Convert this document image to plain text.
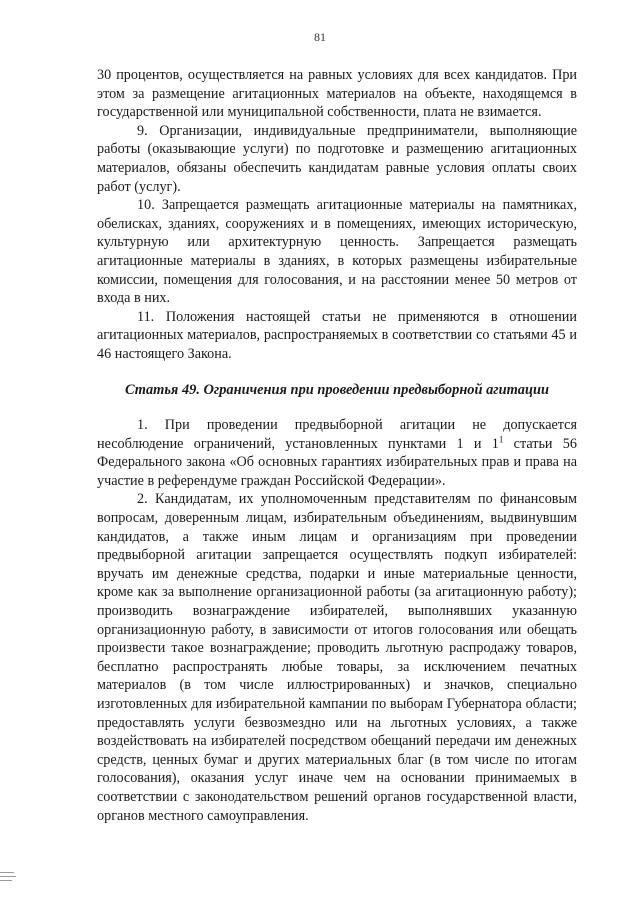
81

30 процентов, осуществляется на равных условиях для всех кандидатов. При этом за размещение агитационных материалов на объекте, находящемся в государственной или муниципальной собственности, плата не взимается.

9. Организации, индивидуальные предприниматели, выполняющие работы (оказывающие услуги) по подготовке и размещению агитационных материалов, обязаны обеспечить кандидатам равные условия оплаты своих работ (услуг).

10. Запрещается размещать агитационные материалы на памятниках, обелисках, зданиях, сооружениях и в помещениях, имеющих историческую, культурную или архитектурную ценность. Запрещается размещать агитационные материалы в зданиях, в которых размещены избирательные комиссии, помещения для голосования, и на расстоянии менее 50 метров от входа в них.

11. Положения настоящей статьи не применяются в отношении агитационных материалов, распространяемых в соответствии со статьями 45 и 46 настоящего Закона.

Статья 49. Ограничения при проведении предвыборной агитации

1. При проведении предвыборной агитации не допускается несоблюдение ограничений, установленных пунктами 1 и $1^1$ статьи 56 Федерального закона «Об основных гарантиях избирательных прав и права на участие в референдуме граждан Российской Федерации».

2. Кандидатам, их уполномоченным представителям по финансовым вопросам, доверенным лицам, избирательным объединениям, выдвинувшим кандидатов, а также иным лицам и организациям при проведении предвыборной агитации запрещается осуществлять подкуп избирателей: вручать им денежные средства, подарки и иные материальные ценности, кроме как за выполнение организационной работы (за агитационную работу); производить вознаграждение избирателей, выполнявших указанную организационную работу, в зависимости от итогов голосования или обещать произвести такое вознаграждение; проводить льготную распродажу товаров, бесплатно распространять любые товары, за исключением печатных материалов (в том числе иллюстрированных) и значков, специально изготовленных для избирательной кампании по выборам Губернатора области; предоставлять услуги безвозмездно или на льготных условиях, а также воздействовать на избирателей посредством обещаний передачи им денежных средств, ценных бумаг и других материальных благ (в том числе по итогам голосования), оказания услуг иначе чем на основании принимаемых в соответствии с законодательством решений органов государственной власти, органов местного самоуправления.
